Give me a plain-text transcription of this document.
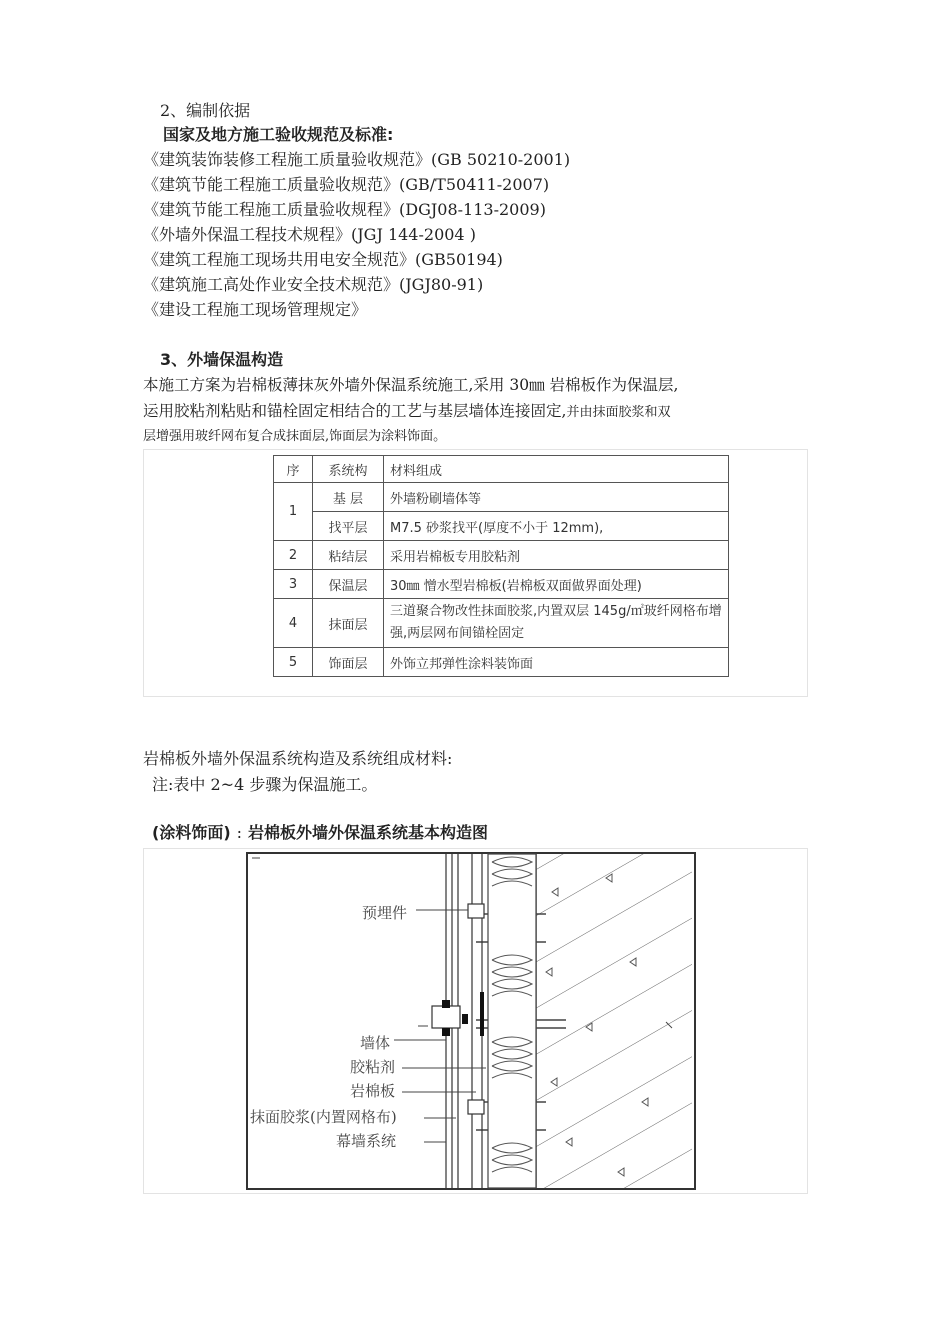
2、编制依据
国家及地方施工验收规范及标准:
《建筑装饰装修工程施工质量验收规范》(GB 50210-2001)
《建筑节能工程施工质量验收规范》(GB/T50411-2007)
《建筑节能工程施工质量验收规程》(DGJ08-113-2009)
《外墙外保温工程技术规程》(JGJ 144-2004 )
《建筑工程施工现场共用电安全规范》(GB50194)
《建筑施工高处作业安全技术规范》(JGJ80-91)
《建设工程施工现场管理规定》
3、外墙保温构造
本施工方案为岩棉板薄抹灰外墙外保温系统施工,采用 30㎜ 岩棉板作为保温层,
运用胶粘剂粘贴和锚栓固定相结合的工艺与基层墙体连接固定,并由抹面胶浆和双
层增强用玻纤网布复合成抹面层,饰面层为涂料饰面。
序	系统构	材料组成
1	基 层	外墙粉刷墙体等
	找平层	M7.5 砂浆找平(厚度不小于 12mm),
2	粘结层	采用岩棉板专用胶粘剂
3	保温层	30㎜ 憎水型岩棉板(岩棉板双面做界面处理)
4	抹面层	三道聚合物改性抹面胶浆,内置双层 145g/㎡玻纤网格布增强,两层网布间锚栓固定
5	饰面层	外饰立邦弹性涂料装饰面
岩棉板外墙外保温系统构造及系统组成材料:
注:表中 2~4 步骤为保温施工。
(涂料饰面) : 岩棉板外墙外保温系统基本构造图
预埋件
墙体
胶粘剂
岩棉板
抹面胶浆(内置网格布)
幕墙系统
